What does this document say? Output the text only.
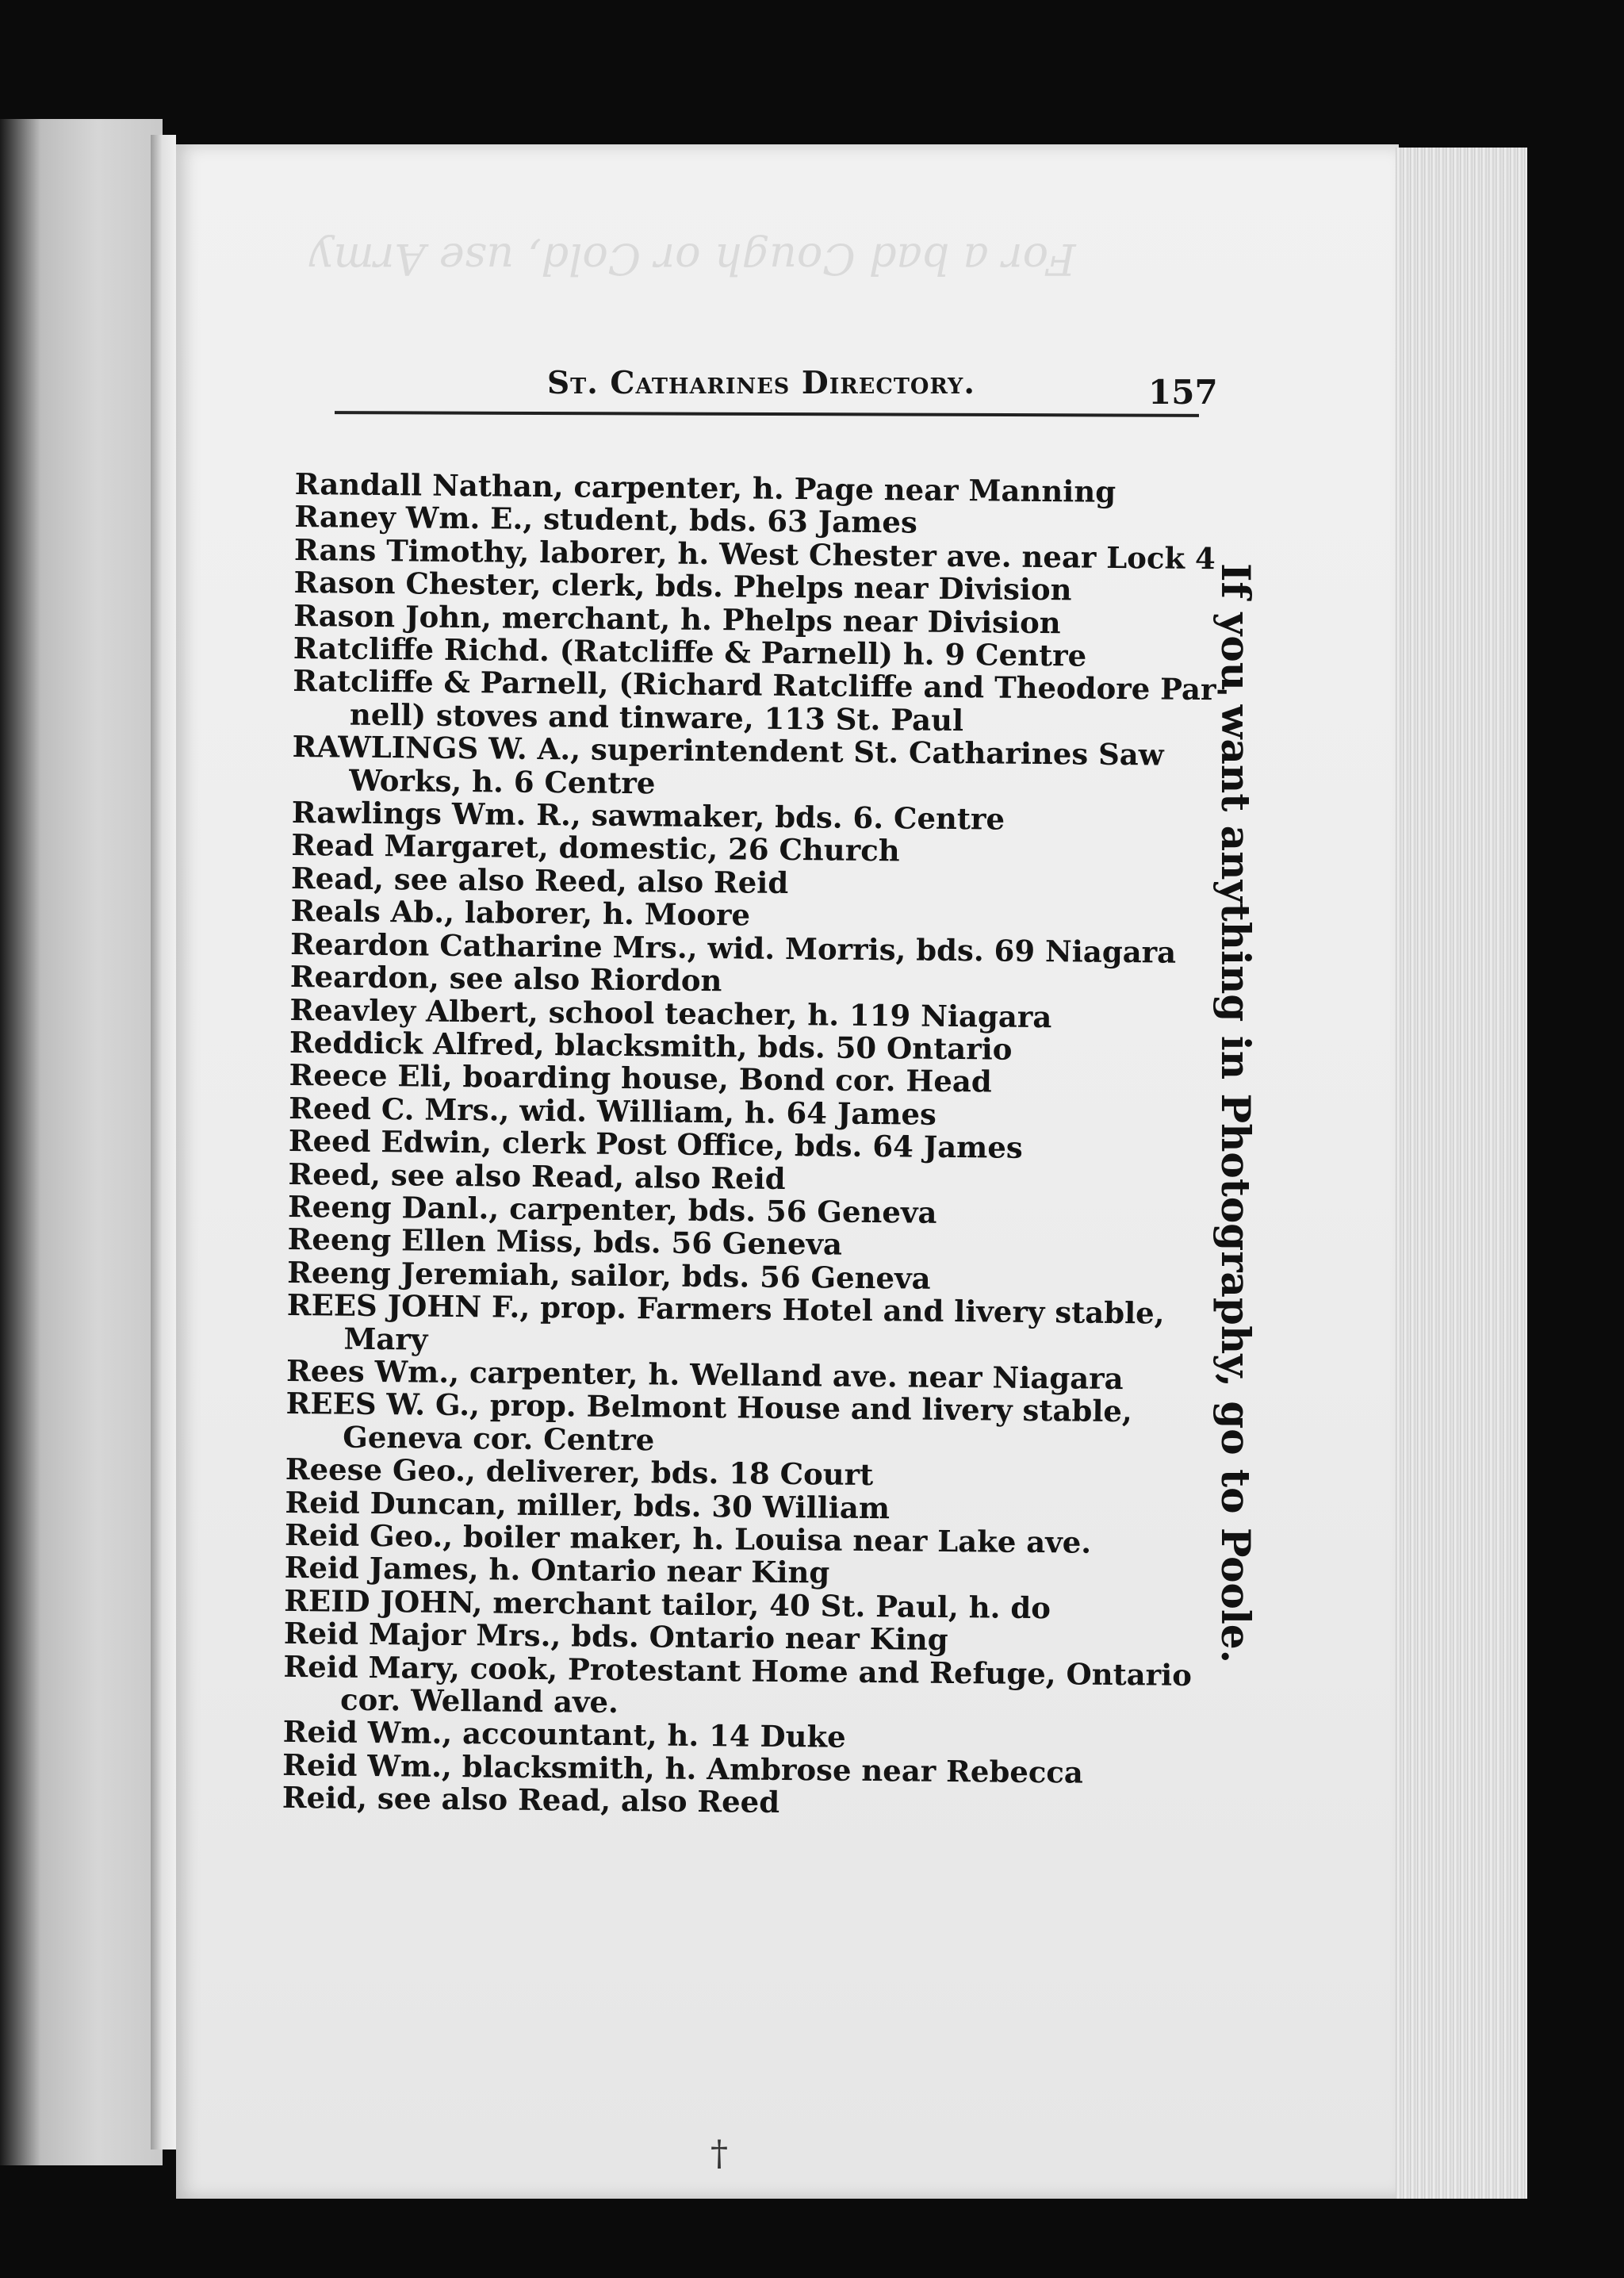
For a bad Cough or Cold, use Army
St. Catharines Directory.	157
Randall Nathan, carpenter, h. Page near Manning
Raney Wm. E., student, bds. 63 James
Rans Timothy, laborer, h. West Chester ave. near Lock 4
Rason Chester, clerk, bds. Phelps near Division
Rason John, merchant, h. Phelps near Division
Ratcliffe Richd. (Ratcliffe & Parnell) h. 9 Centre
Ratcliffe & Parnell, (Richard Ratcliffe and Theodore Par-
nell) stoves and tinware, 113 St. Paul
RAWLINGS W. A., superintendent St. Catharines Saw
Works, h. 6 Centre
Rawlings Wm. R., sawmaker, bds. 6. Centre
Read Margaret, domestic, 26 Church
Read, see also Reed, also Reid
Reals Ab., laborer, h. Moore
Reardon Catharine Mrs., wid. Morris, bds. 69 Niagara
Reardon, see also Riordon
Reavley Albert, school teacher, h. 119 Niagara
Reddick Alfred, blacksmith, bds. 50 Ontario
Reece Eli, boarding house, Bond cor. Head
Reed C. Mrs., wid. William, h. 64 James
Reed Edwin, clerk Post Office, bds. 64 James
Reed, see also Read, also Reid
Reeng Danl., carpenter, bds. 56 Geneva
Reeng Ellen Miss, bds. 56 Geneva
Reeng Jeremiah, sailor, bds. 56 Geneva
REES JOHN F., prop. Farmers Hotel and livery stable,
Mary
Rees Wm., carpenter, h. Welland ave. near Niagara
REES W. G., prop. Belmont House and livery stable,
Geneva cor. Centre
Reese Geo., deliverer, bds. 18 Court
Reid Duncan, miller, bds. 30 William
Reid Geo., boiler maker, h. Louisa near Lake ave.
Reid James, h. Ontario near King
REID JOHN, merchant tailor, 40 St. Paul, h. do
Reid Major Mrs., bds. Ontario near King
Reid Mary, cook, Protestant Home and Refuge, Ontario
cor. Welland ave.
Reid Wm., accountant, h. 14 Duke
Reid Wm., blacksmith, h. Ambrose near Rebecca
Reid, see also Read, also Reed
If you want anything in Photography, go to Poole.
†
